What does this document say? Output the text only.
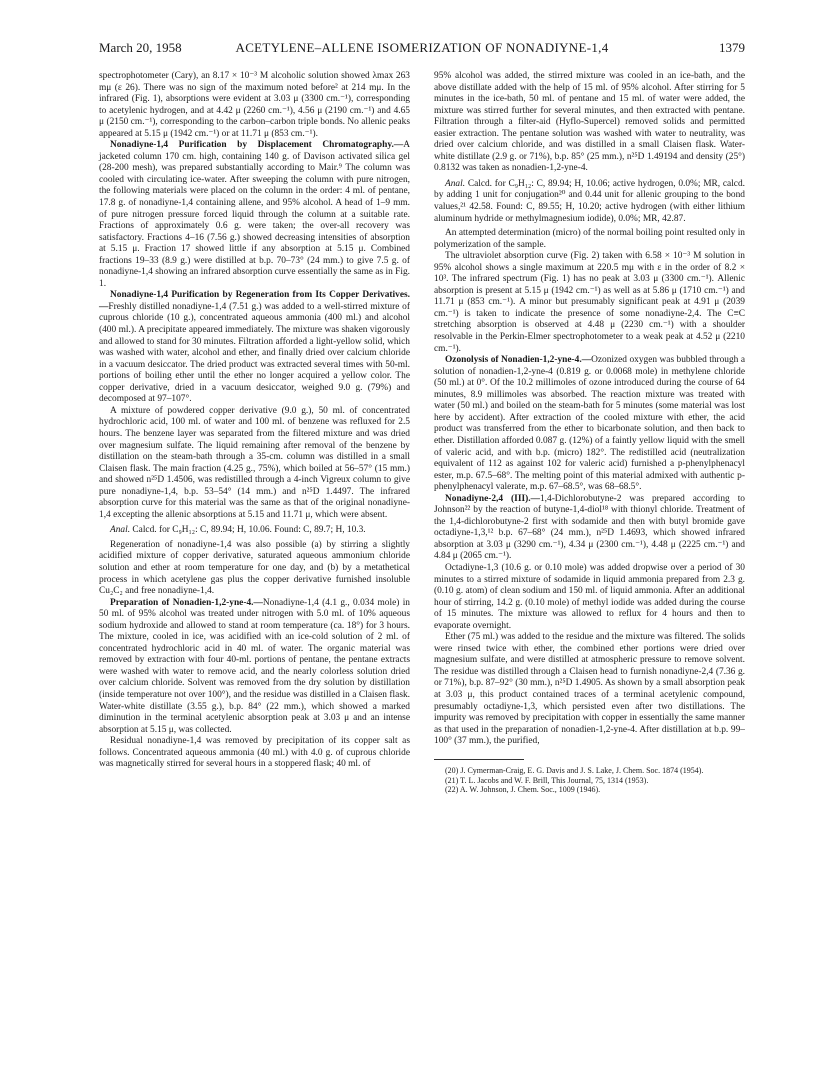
March 20, 1958	ACETYLENE–ALLENE ISOMERIZATION OF NONADIYNE-1,4	1379

spectrophotometer (Cary), an 8.17 × 10⁻³ M alcoholic solution showed λmax 263 mμ (ε 26). There was no sign of the maximum noted before² at 214 mμ. In the infrared (Fig. 1), absorptions were evident at 3.03 μ (3300 cm.⁻¹), corresponding to acetylenic hydrogen, and at 4.42 μ (2260 cm.⁻¹), 4.56 μ (2190 cm.⁻¹) and 4.65 μ (2150 cm.⁻¹), corresponding to the carbon–carbon triple bonds. No allenic peaks appeared at 5.15 μ (1942 cm.⁻¹) or at 11.71 μ (853 cm.⁻¹).

Nonadiyne-1,4 Purification by Displacement Chromatography.—A jacketed column 170 cm. high, containing 140 g. of Davison activated silica gel (28-200 mesh), was prepared substantially according to Mair.⁹ The column was cooled with circulating ice-water. After sweeping the column with pure nitrogen, the following materials were placed on the column in the order: 4 ml. of pentane, 17.8 g. of nonadiyne-1,4 containing allene, and 95% alcohol. A head of 1–9 mm. of pure nitrogen pressure forced liquid through the column at a suitable rate. Fractions of approximately 0.6 g. were taken; the over-all recovery was satisfactory. Fractions 4–16 (7.56 g.) showed decreasing intensities of absorption at 5.15 μ. Fraction 17 showed little if any absorption at 5.15 μ. Combined fractions 19–33 (8.9 g.) were distilled at b.p. 70–73° (24 mm.) to give 7.5 g. of nonadiyne-1,4 showing an infrared absorption curve essentially the same as in Fig. 1.

Nonadiyne-1,4 Purification by Regeneration from Its Copper Derivatives.—Freshly distilled nonadiyne-1,4 (7.51 g.) was added to a well-stirred mixture of cuprous chloride (10 g.), concentrated aqueous ammonia (400 ml.) and alcohol (400 ml.). A precipitate appeared immediately. The mixture was shaken vigorously and allowed to stand for 30 minutes. Filtration afforded a light-yellow solid, which was washed with water, alcohol and ether, and finally dried over calcium chloride in a vacuum desiccator. The dried product was extracted several times with 50-ml. portions of boiling ether until the ether no longer acquired a yellow color. The copper derivative, dried in a vacuum desiccator, weighed 9.0 g. (79%) and decomposed at 97–107°.

A mixture of powdered copper derivative (9.0 g.), 50 ml. of concentrated hydrochloric acid, 100 ml. of water and 100 ml. of benzene was refluxed for 2.5 hours. The benzene layer was separated from the filtered mixture and was dried over magnesium sulfate. The liquid remaining after removal of the benzene by distillation on the steam-bath through a 35-cm. column was distilled in a small Claisen flask. The main fraction (4.25 g., 75%), which boiled at 56–57° (15 mm.) and showed n²⁵D 1.4506, was redistilled through a 4-inch Vigreux column to give pure nonadiyne-1,4, b.p. 53–54° (14 mm.) and n²⁵D 1.4497. The infrared absorption curve for this material was the same as that of the original nonadiyne-1,4 excepting the allenic absorptions at 5.15 and 11.71 μ, which were absent.

Anal. Calcd. for C₉H₁₂: C, 89.94; H, 10.06. Found: C, 89.7; H, 10.3.

Regeneration of nonadiyne-1,4 was also possible (a) by stirring a slightly acidified mixture of copper derivative, saturated aqueous ammonium chloride solution and ether at room temperature for one day, and (b) by a metathetical process in which acetylene gas plus the copper derivative furnished insoluble Cu₂C₂ and free nonadiyne-1,4.

Preparation of Nonadien-1,2-yne-4.—Nonadiyne-1,4 (4.1 g., 0.034 mole) in 50 ml. of 95% alcohol was treated under nitrogen with 5.0 ml. of 10% aqueous sodium hydroxide and allowed to stand at room temperature (ca. 18°) for 3 hours. The mixture, cooled in ice, was acidified with an ice-cold solution of 2 ml. of concentrated hydrochloric acid in 40 ml. of water. The organic material was removed by extraction with four 40-ml. portions of pentane, the pentane extracts were washed with water to remove acid, and the nearly colorless solution dried over calcium chloride. Solvent was removed from the dry solution by distillation (inside temperature not over 100°), and the residue was distilled in a Claisen flask. Water-white distillate (3.55 g.), b.p. 84° (22 mm.), which showed a marked diminution in the terminal acetylenic absorption peak at 3.03 μ and an intense absorption at 5.15 μ, was collected.

Residual nonadiyne-1,4 was removed by precipitation of its copper salt as follows. Concentrated aqueous ammonia (40 ml.) with 4.0 g. of cuprous chloride was magnetically stirred for several hours in a stoppered flask; 40 ml. of

95% alcohol was added, the stirred mixture was cooled in an ice-bath, and the above distillate added with the help of 15 ml. of 95% alcohol. After stirring for 5 minutes in the ice-bath, 50 ml. of pentane and 15 ml. of water were added, the mixture was stirred further for several minutes, and then extracted with pentane. Filtration through a filter-aid (Hyflo-Supercel) removed solids and permitted easier extraction. The pentane solution was washed with water to neutrality, was dried over calcium chloride, and was distilled in a small Claisen flask. Water-white distillate (2.9 g. or 71%), b.p. 85° (25 mm.), n²⁵D 1.49194 and density (25°) 0.8132 was taken as nonadien-1,2-yne-4.

Anal. Calcd. for C₉H₁₂: C, 89.94; H, 10.06; active hydrogen, 0.0%; MR, calcd. by adding 1 unit for conjugation²⁰ and 0.44 unit for allenic grouping to the bond values,²¹ 42.58. Found: C, 89.55; H, 10.20; active hydrogen (with either lithium aluminum hydride or methylmagnesium iodide), 0.0%; MR, 42.87.

An attempted determination (micro) of the normal boiling point resulted only in polymerization of the sample.

The ultraviolet absorption curve (Fig. 2) taken with 6.58 × 10⁻³ M solution in 95% alcohol shows a single maximum at 220.5 mμ with ε in the order of 8.2 × 10³. The infrared spectrum (Fig. 1) has no peak at 3.03 μ (3300 cm.⁻¹). Allenic absorption is present at 5.15 μ (1942 cm.⁻¹) as well as at 5.86 μ (1710 cm.⁻¹) and 11.71 μ (853 cm.⁻¹). A minor but presumably significant peak at 4.91 μ (2039 cm.⁻¹) is taken to indicate the presence of some nonadiyne-2,4. The C≡C stretching absorption is observed at 4.48 μ (2230 cm.⁻¹) with a shoulder resolvable in the Perkin-Elmer spectrophotometer to a weak peak at 4.52 μ (2210 cm.⁻¹).

Ozonolysis of Nonadien-1,2-yne-4.—Ozonized oxygen was bubbled through a solution of nonadien-1,2-yne-4 (0.819 g. or 0.0068 mole) in methylene chloride (50 ml.) at 0°. Of the 10.2 millimoles of ozone introduced during the course of 64 minutes, 8.9 millimoles was absorbed. The reaction mixture was treated with water (50 ml.) and boiled on the steam-bath for 5 minutes (some material was lost here by accident). After extraction of the cooled mixture with ether, the acid product was transferred from the ether to bicarbonate solution, and then back to ether. Distillation afforded 0.087 g. (12%) of a faintly yellow liquid with the smell of valeric acid, and with b.p. (micro) 182°. The redistilled acid (neutralization equivalent of 112 as against 102 for valeric acid) furnished a p-phenylphenacyl ester, m.p. 67.5–68°. The melting point of this material admixed with authentic p-phenylphenacyl valerate, m.p. 67–68.5°, was 68–68.5°.

Nonadiyne-2,4 (III).—1,4-Dichlorobutyne-2 was prepared according to Johnson²² by the reaction of butyne-1,4-diol¹⁸ with thionyl chloride. Treatment of the 1,4-dichlorobutyne-2 first with sodamide and then with butyl bromide gave octadiyne-1,3,¹² b.p. 67–68° (24 mm.), n²⁵D 1.4693, which showed infrared absorption at 3.03 μ (3290 cm.⁻¹), 4.34 μ (2300 cm.⁻¹), 4.48 μ (2225 cm.⁻¹) and 4.84 μ (2065 cm.⁻¹).

Octadiyne-1,3 (10.6 g. or 0.10 mole) was added dropwise over a period of 30 minutes to a stirred mixture of sodamide in liquid ammonia prepared from 2.3 g. (0.10 g. atom) of clean sodium and 150 ml. of liquid ammonia. After an additional hour of stirring, 14.2 g. (0.10 mole) of methyl iodide was added during the course of 15 minutes. The mixture was allowed to reflux for 4 hours and then to evaporate overnight.

Ether (75 ml.) was added to the residue and the mixture was filtered. The solids were rinsed twice with ether, the combined ether portions were dried over magnesium sulfate, and were distilled at atmospheric pressure to remove solvent. The residue was distilled through a Claisen head to furnish nonadiyne-2,4 (7.36 g. or 71%), b.p. 87–92° (30 mm.), n²⁵D 1.4905. As shown by a small absorption peak at 3.03 μ, this product contained traces of a terminal acetylenic compound, presumably octadiyne-1,3, which persisted even after two distillations. The impurity was removed by precipitation with copper in essentially the same manner as that used in the preparation of nonadien-1,2-yne-4. After distillation at b.p. 99–100° (37 mm.), the purified,

(20) J. Cymerman-Craig, E. G. Davis and J. S. Lake, J. Chem. Soc. 1874 (1954).

(21) T. L. Jacobs and W. F. Brill, This Journal, 75, 1314 (1953).

(22) A. W. Johnson, J. Chem. Soc., 1009 (1946).
